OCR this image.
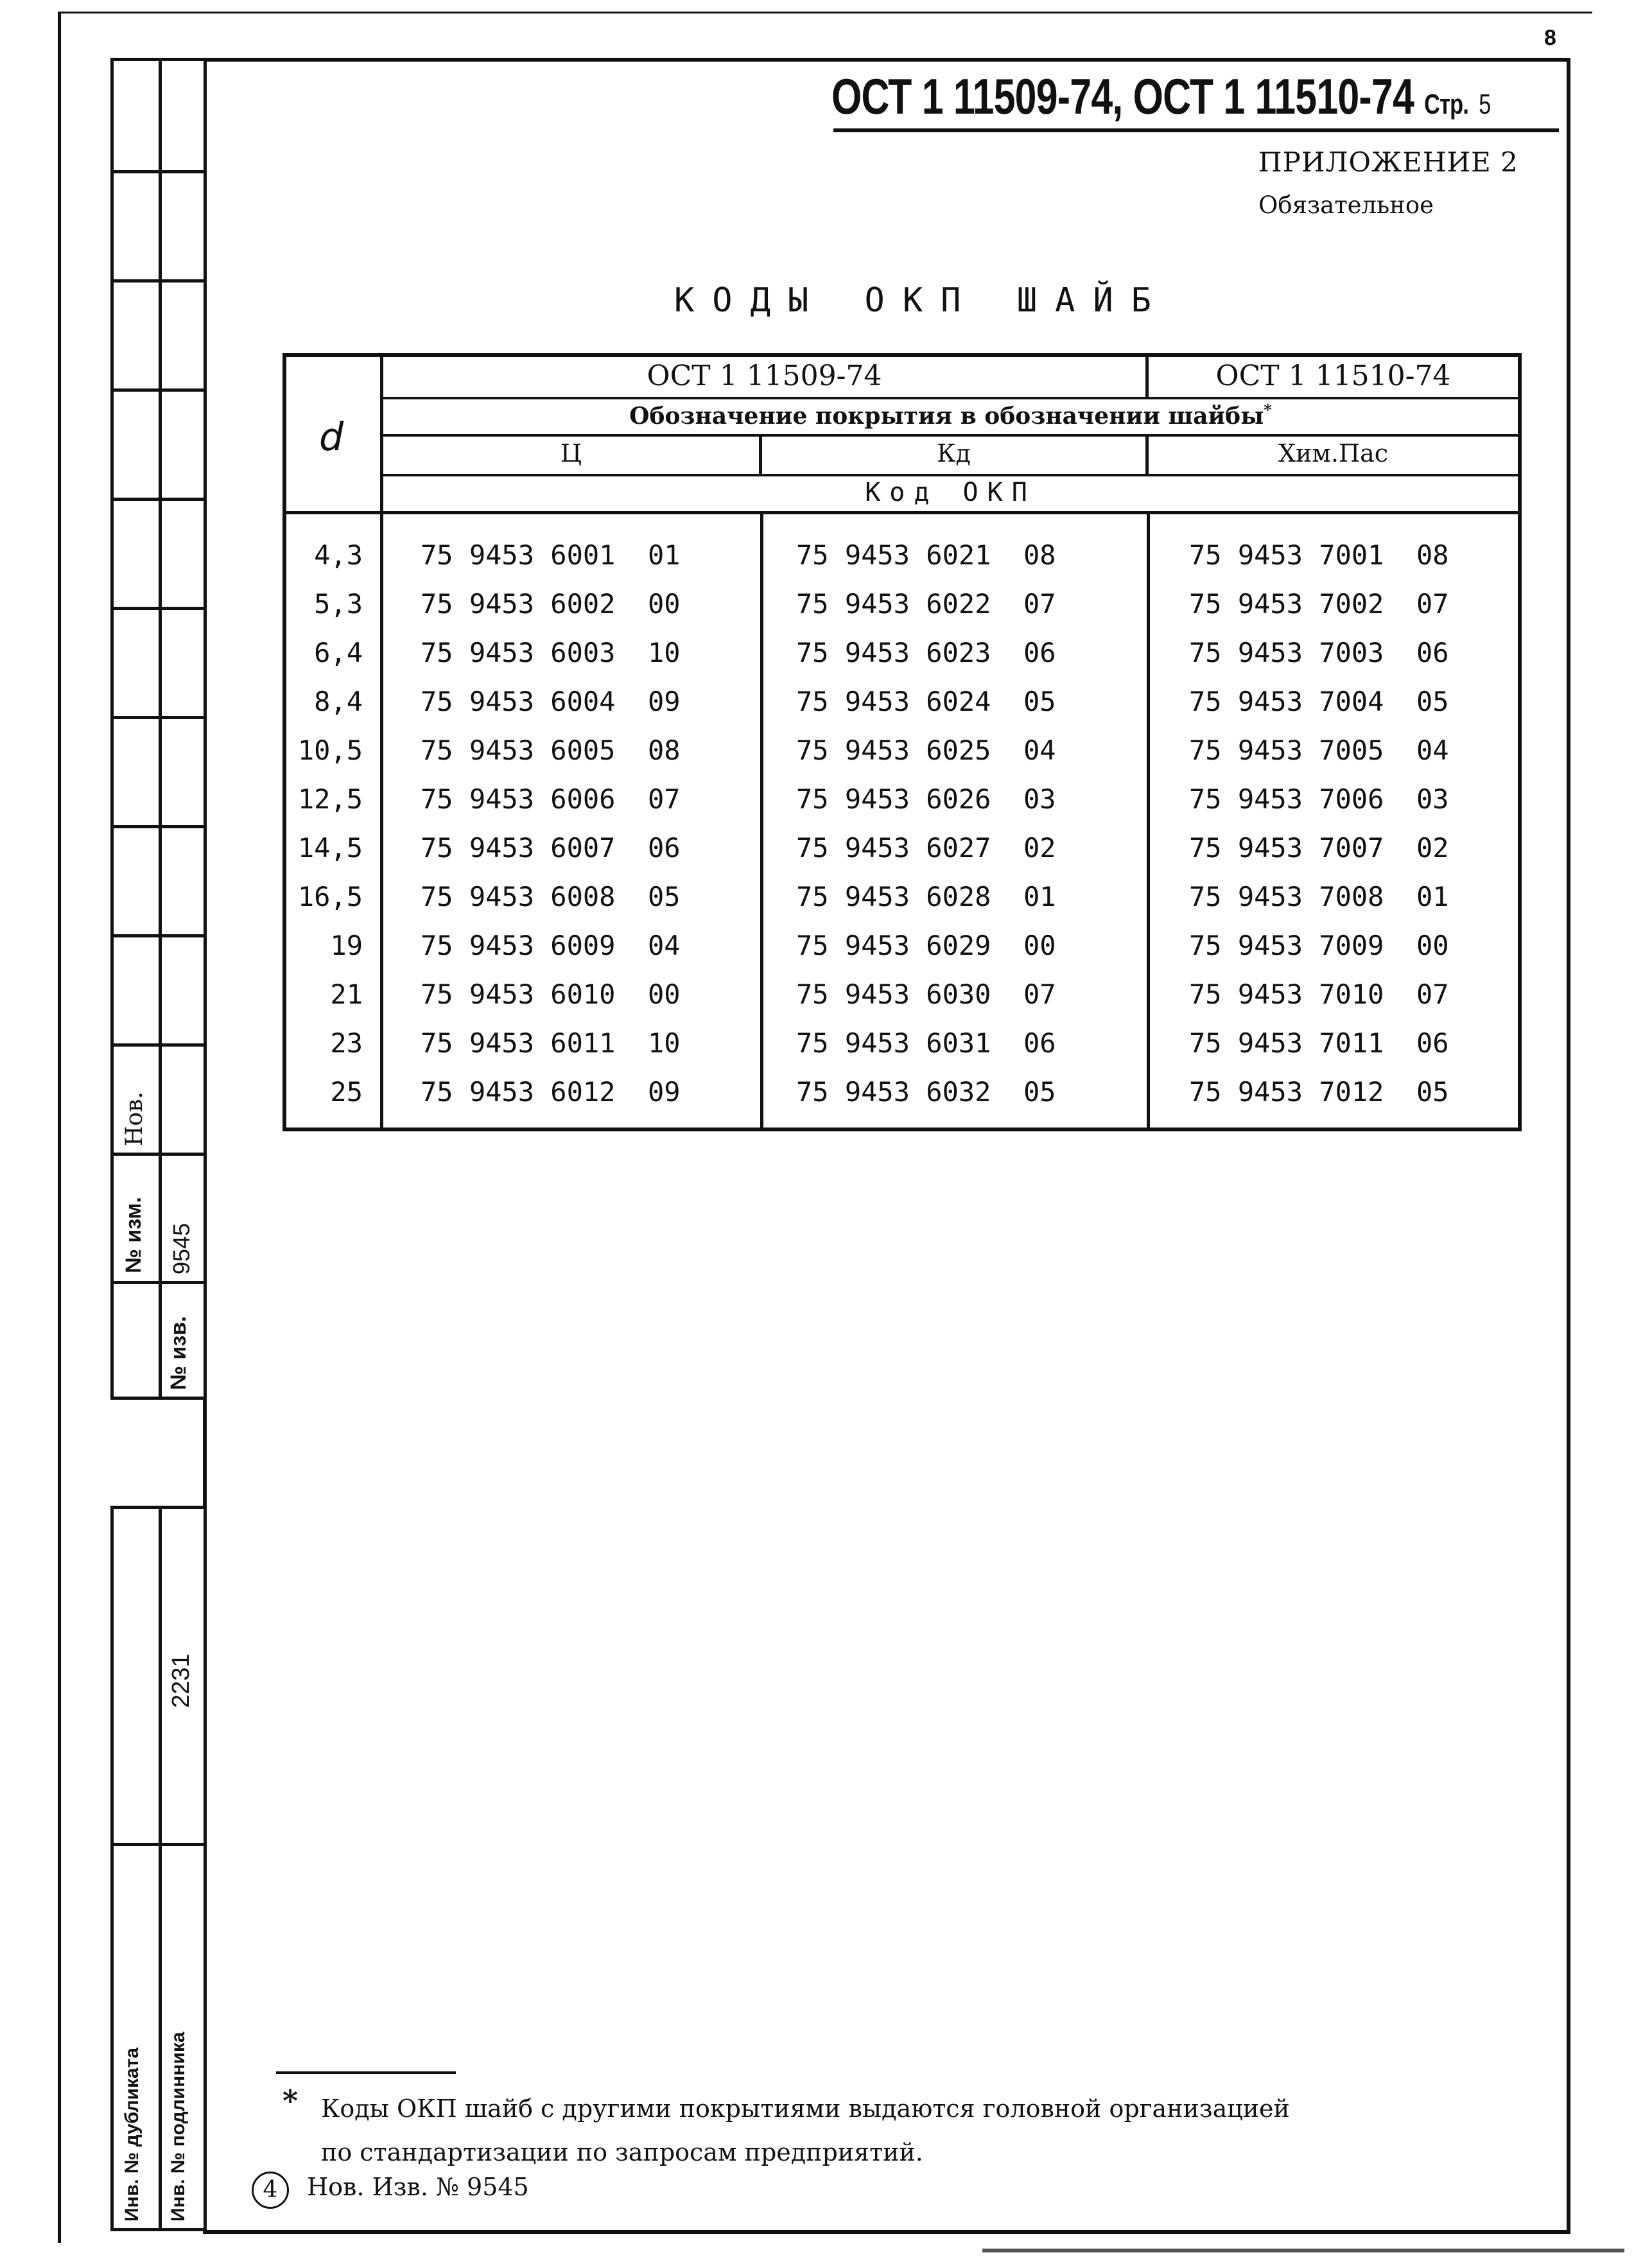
8
№ изм.
Нов.
№ изв.
9545
Инв. № дубликата Инв. № подлинника
2231
ОСТ 1 11509-74, ОСТ 1 11510-74 Стр. 5
ПРИЛОЖЕНИЕ 2
Обязательное
КОДЫ ОКП ШАЙБ
d
ОСТ 1 11509-74	ОСТ 1 11510-74
Обозначение покрытия в обозначении шайбы*
Ц	Кд	Хим.Пас
Код ОКП
4,3 75 9453 6001  01	75 9453 6021  08	75 9453 7001  08
5,3 75 9453 6002  00	75 9453 6022  07	75 9453 7002  07
6,4 75 9453 6003  10	75 9453 6023  06	75 9453 7003  06
8,4 75 9453 6004  09	75 9453 6024  05	75 9453 7004  05
10,5 75 9453 6005  08	75 9453 6025  04	75 9453 7005  04
12,5 75 9453 6006  07	75 9453 6026  03	75 9453 7006  03
14,5 75 9453 6007  06	75 9453 6027  02	75 9453 7007  02
16,5 75 9453 6008  05	75 9453 6028  01	75 9453 7008  01
19 75 9453 6009  04	75 9453 6029  00	75 9453 7009  00
21 75 9453 6010  00	75 9453 6030  07	75 9453 7010  07
23 75 9453 6011  10	75 9453 6031  06	75 9453 7011  06
25 75 9453 6012  09	75 9453 6032  05	75 9453 7012  05
* Коды ОКП шайб с другими покрытиями выдаются головной организацией
по стандартизации по запросам предприятий.
4	Нов. Изв. № 9545
